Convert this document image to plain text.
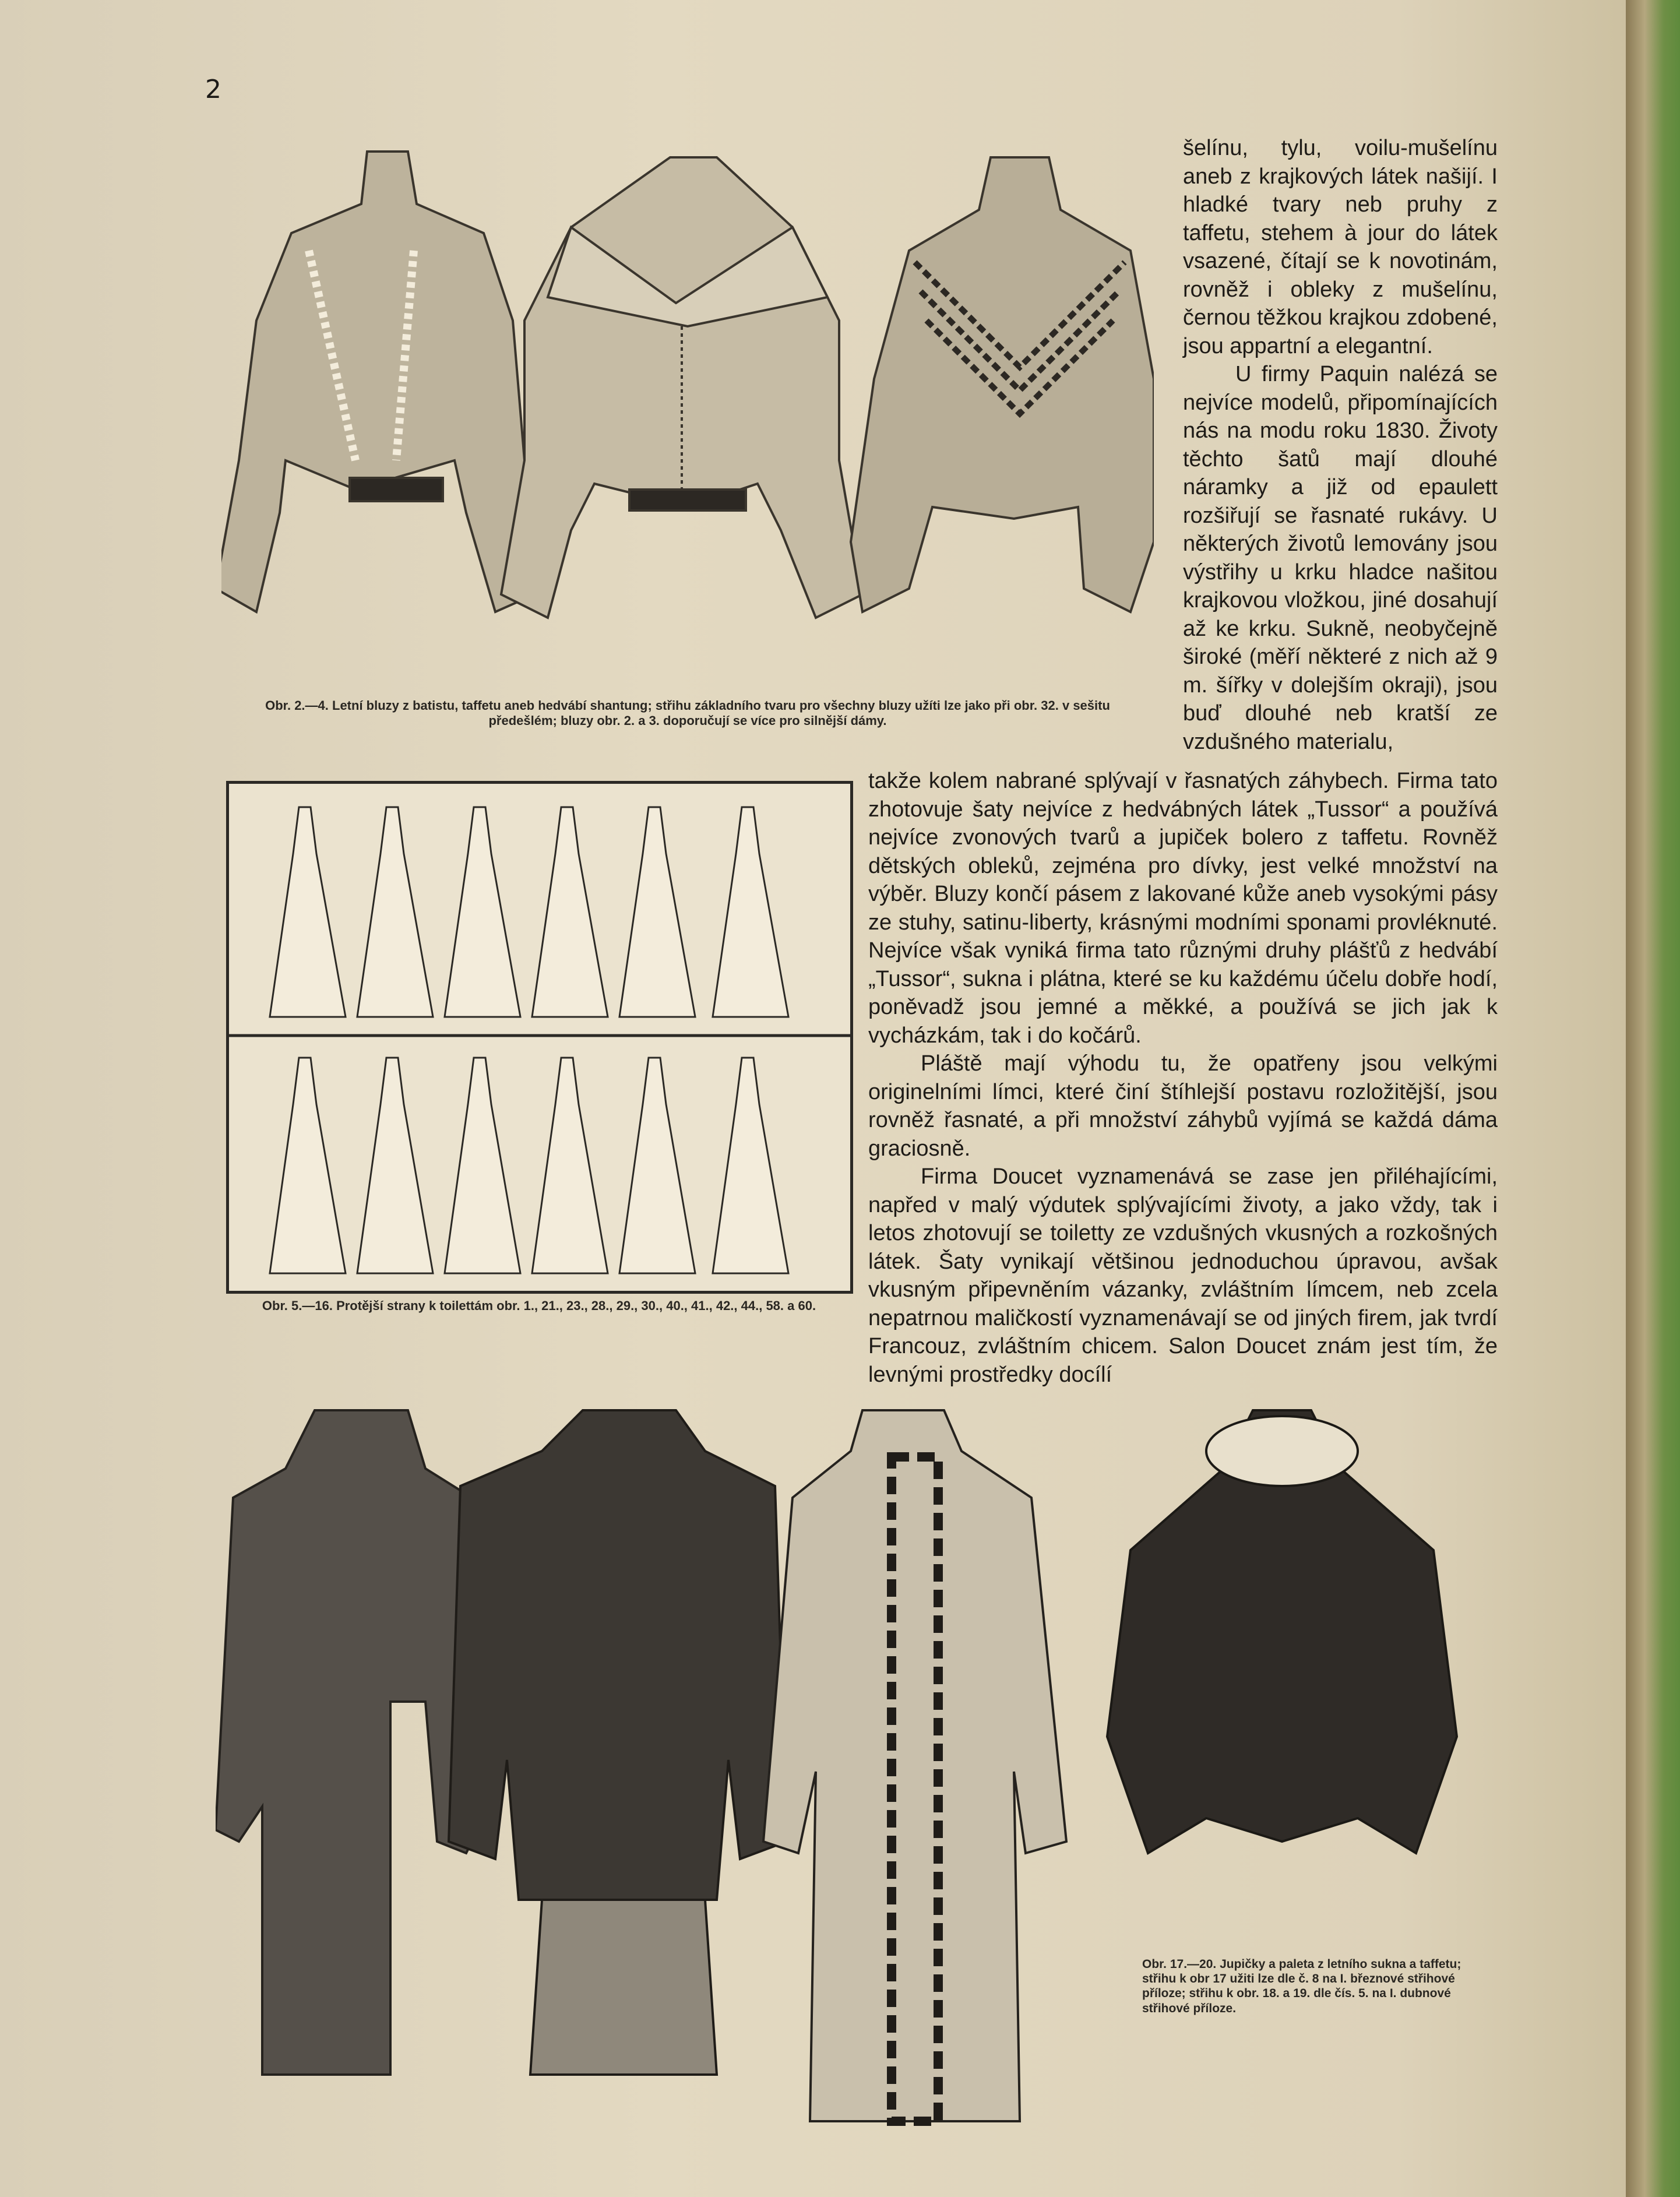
2
Obr. 2.—4. Letní bluzy z batistu, taffetu aneb hedvábí shantung; střihu základního tvaru pro všechny bluzy užíti lze jako při obr. 32. v sešitu předešlém; bluzy obr. 2. a 3. doporučují se více pro silnější dámy.
Obr. 5.—16. Protější strany k toilettám obr. 1., 21., 23., 28., 29., 30., 40., 41., 42., 44., 58. a 60.

šelínu, tylu, voilu-mušelínu aneb z krajkových látek našijí. I hladké tvary neb pruhy z taffetu, stehem à jour do látek vsazené, čítají se k novotinám, rovněž i obleky z mušelínu, černou těžkou krajkou zdobené, jsou appartní a elegantní.

U firmy Paquin nalézá se nejvíce modelů, připomínajících nás na modu roku 1830. Životy těchto šatů mají dlouhé náramky a již od epaulett rozšiřují se řasnaté rukávy. U některých životů lemovány jsou výstřihy u krku hladce našitou krajkovou vložkou, jiné dosahují až ke krku. Sukně, neobyčejně široké (měří některé z nich až 9 m. šířky v dolejším okraji), jsou buď dlouhé neb kratší ze vzdušného materialu,

takže kolem nabrané splývají v řasnatých záhybech. Firma tato zhotovuje šaty nejvíce z hedvábných látek „Tussor“ a používá nejvíce zvonových tvarů a jupiček bolero z taffetu. Rovněž dětských obleků, zejména pro dívky, jest velké množství na výběr. Bluzy končí pásem z lakované kůže aneb vysokými pásy ze stuhy, satinu-liberty, krásnými modními sponami provléknuté. Nejvíce však vyniká firma tato různými druhy plášťů z hedvábí „Tussor“, sukna i plátna, které se ku každému účelu dobře hodí, poněvadž jsou jemné a měkké, a používá se jich jak k vycházkám, tak i do kočárů.

Pláště mají výhodu tu, že opatřeny jsou velkými originelními límci, které činí štíhlejší postavu rozložitější, jsou rovněž řasnaté, a při množství záhybů vyjímá se každá dáma graciosně.

Firma Doucet vyznamenává se zase jen přiléhajícími, napřed v malý výdutek splývajícími životy, a jako vždy, tak i letos zhotovují se toiletty ze vzdušných vkusných a rozkošných látek. Šaty vynikají většinou jednoduchou úpravou, avšak vkusným připevněním vázanky, zvláštním límcem, neb zcela nepatrnou maličkostí vyznamenávají se od jiných firem, jak tvrdí Francouz, zvláštním chicem. Salon Doucet znám jest tím, že levnými prostředky docílí

Obr. 17.—20. Jupičky a paleta z letního sukna a taffetu; střihu k obr 17 užiti lze dle č. 8 na I. březnové střihové příloze; střihu k obr. 18. a 19. dle čís. 5. na I. dubnové střihové příloze.
